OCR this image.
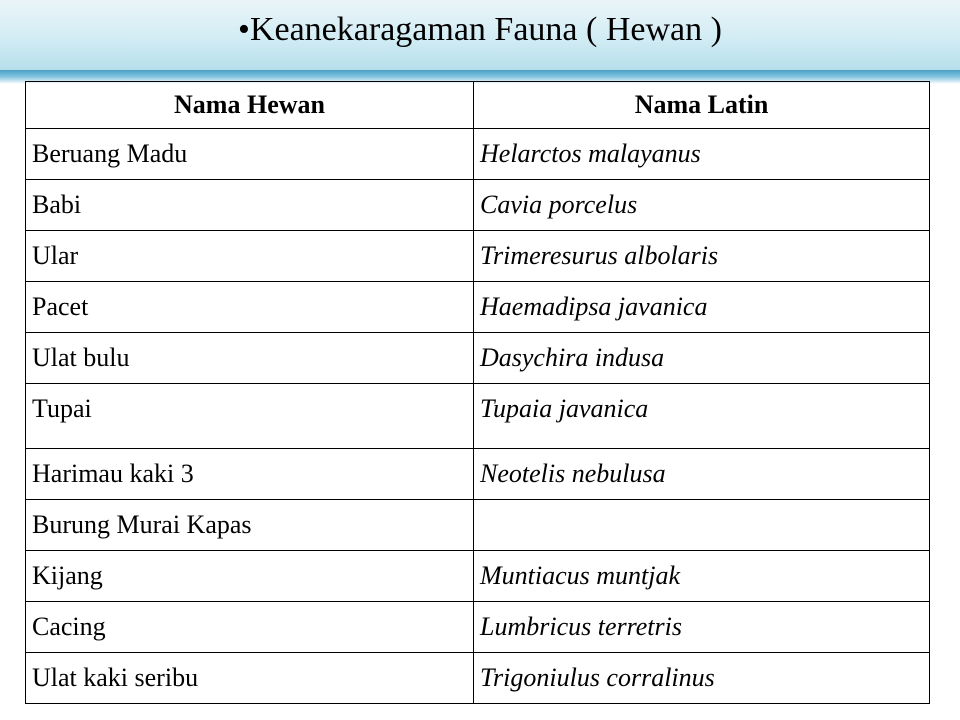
•Keanekaragaman Fauna ( Hewan )
Nama Hewan	Nama Latin
Beruang Madu	Helarctos malayanus
Babi	Cavia porcelus
Ular	Trimeresurus albolaris
Pacet	Haemadipsa javanica
Ulat bulu	Dasychira indusa
Tupai	Tupaia javanica
Harimau kaki 3	Neotelis nebulusa
Burung Murai Kapas	
Kijang	Muntiacus muntjak
Cacing	Lumbricus terretris
Ulat kaki seribu	Trigoniulus corralinus
